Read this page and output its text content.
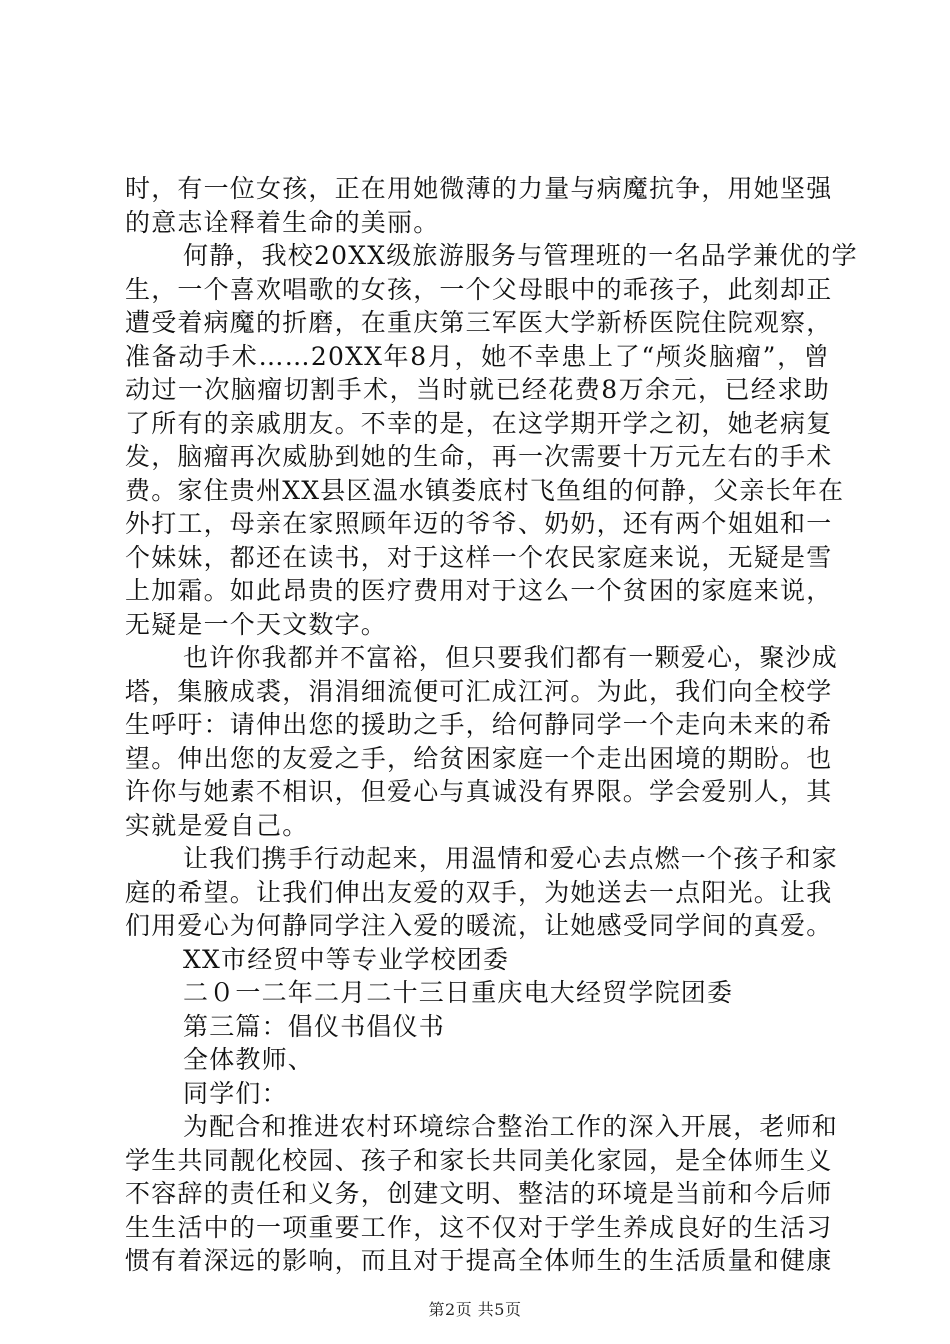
时，有一位女孩，正在用她微薄的力量与病魔抗争，用她坚强
的意志诠释着生命的美丽。
何静，我校20XX级旅游服务与管理班的一名品学兼优的学
生，一个喜欢唱歌的女孩，一个父母眼中的乖孩子，此刻却正
遭受着病魔的折磨，在重庆第三军医大学新桥医院住院观察，
准备动手术……20XX年8月，她不幸患上了“颅炎脑瘤”，曾
动过一次脑瘤切割手术，当时就已经花费8万余元，已经求助
了所有的亲戚朋友。不幸的是，在这学期开学之初，她老病复
发，脑瘤再次威胁到她的生命，再一次需要十万元左右的手术
费。家住贵州XX县区温水镇娄底村飞鱼组的何静，父亲长年在
外打工，母亲在家照顾年迈的爷爷、奶奶，还有两个姐姐和一
个妹妹，都还在读书，对于这样一个农民家庭来说，无疑是雪
上加霜。如此昂贵的医疗费用对于这么一个贫困的家庭来说，
无疑是一个天文数字。
也许你我都并不富裕，但只要我们都有一颗爱心，聚沙成
塔，集腋成裘，涓涓细流便可汇成江河。为此，我们向全校学
生呼吁：请伸出您的援助之手，给何静同学一个走向未来的希
望。伸出您的友爱之手，给贫困家庭一个走出困境的期盼。也
许你与她素不相识，但爱心与真诚没有界限。学会爱别人，其
实就是爱自己。
让我们携手行动起来，用温情和爱心去点燃一个孩子和家
庭的希望。让我们伸出友爱的双手，为她送去一点阳光。让我
们用爱心为何静同学注入爱的暖流，让她感受同学间的真爱。
XX市经贸中等专业学校团委
二０一二年二月二十三日重庆电大经贸学院团委
第三篇：倡仪书倡仪书
全体教师、
同学们：
为配合和推进农村环境综合整治工作的深入开展，老师和
学生共同靓化校园、孩子和家长共同美化家园，是全体师生义
不容辞的责任和义务，创建文明、整洁的环境是当前和今后师
生生活中的一项重要工作，这不仅对于学生养成良好的生活习
惯有着深远的影响，而且对于提高全体师生的生活质量和健康
第2页 共5页
